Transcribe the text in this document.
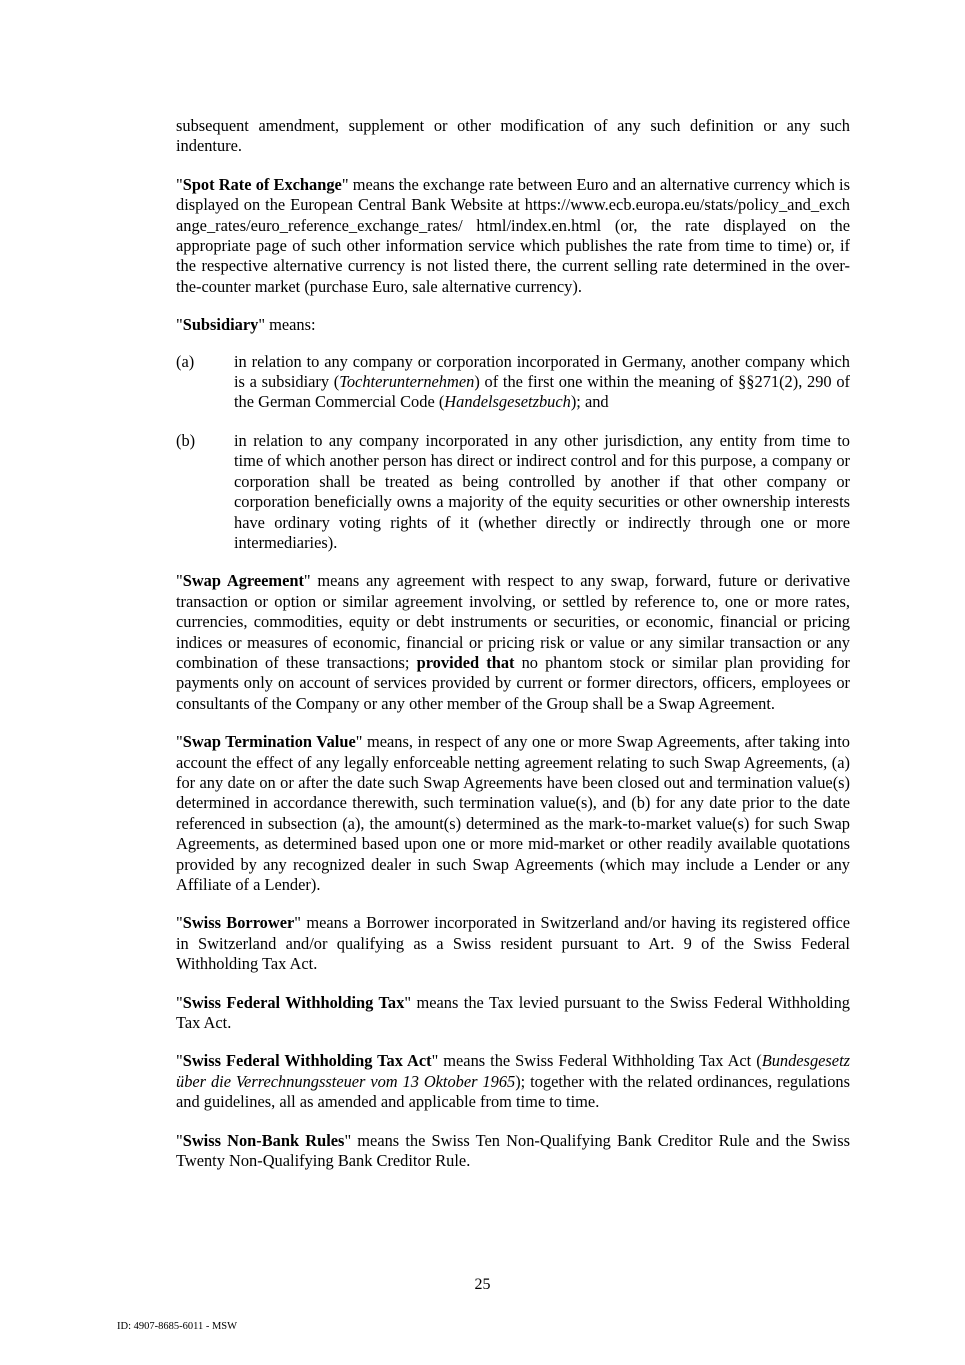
subsequent amendment, supplement or other modification of any such definition or any such indenture.

"Spot Rate of Exchange" means the exchange rate between Euro and an alternative currency which is displayed on the European Central Bank Website at https://www.ecb.europa.eu/stats/policy_and_exchange_rates/euro_reference_exchange_rates/ html/index.en.html (or, the rate displayed on the appropriate page of such other information service which publishes the rate from time to time) or, if the respective alternative currency is not listed there, the current selling rate determined in the over-the-counter market (purchase Euro, sale alternative currency).

"Subsidiary" means:

(a) in relation to any company or corporation incorporated in Germany, another company which is a subsidiary (Tochterunternehmen) of the first one within the meaning of §§271(2), 290 of the German Commercial Code (Handelsgesetzbuch); and
(b) in relation to any company incorporated in any other jurisdiction, any entity from time to time of which another person has direct or indirect control and for this purpose, a company or corporation shall be treated as being controlled by another if that other company or corporation beneficially owns a majority of the equity securities or other ownership interests have ordinary voting rights of it (whether directly or indirectly through one or more intermediaries).

"Swap Agreement" means any agreement with respect to any swap, forward, future or derivative transaction or option or similar agreement involving, or settled by reference to, one or more rates, currencies, commodities, equity or debt instruments or securities, or economic, financial or pricing indices or measures of economic, financial or pricing risk or value or any similar transaction or any combination of these transactions; provided that no phantom stock or similar plan providing for payments only on account of services provided by current or former directors, officers, employees or consultants of the Company or any other member of the Group shall be a Swap Agreement.

"Swap Termination Value" means, in respect of any one or more Swap Agreements, after taking into account the effect of any legally enforceable netting agreement relating to such Swap Agreements, (a) for any date on or after the date such Swap Agreements have been closed out and termination value(s) determined in accordance therewith, such termination value(s), and (b) for any date prior to the date referenced in subsection (a), the amount(s) determined as the mark-to-market value(s) for such Swap Agreements, as determined based upon one or more mid-market or other readily available quotations provided by any recognized dealer in such Swap Agreements (which may include a Lender or any Affiliate of a Lender).

"Swiss Borrower" means a Borrower incorporated in Switzerland and/or having its registered office in Switzerland and/or qualifying as a Swiss resident pursuant to Art. 9 of the Swiss Federal Withholding Tax Act.

"Swiss Federal Withholding Tax" means the Tax levied pursuant to the Swiss Federal Withholding Tax Act.

"Swiss Federal Withholding Tax Act" means the Swiss Federal Withholding Tax Act (Bundesgesetz über die Verrechnungssteuer vom 13 Oktober 1965); together with the related ordinances, regulations and guidelines, all as amended and applicable from time to time.

"Swiss Non-Bank Rules" means the Swiss Ten Non-Qualifying Bank Creditor Rule and the Swiss Twenty Non-Qualifying Bank Creditor Rule.

25
ID: 4907-8685-6011 - MSW
